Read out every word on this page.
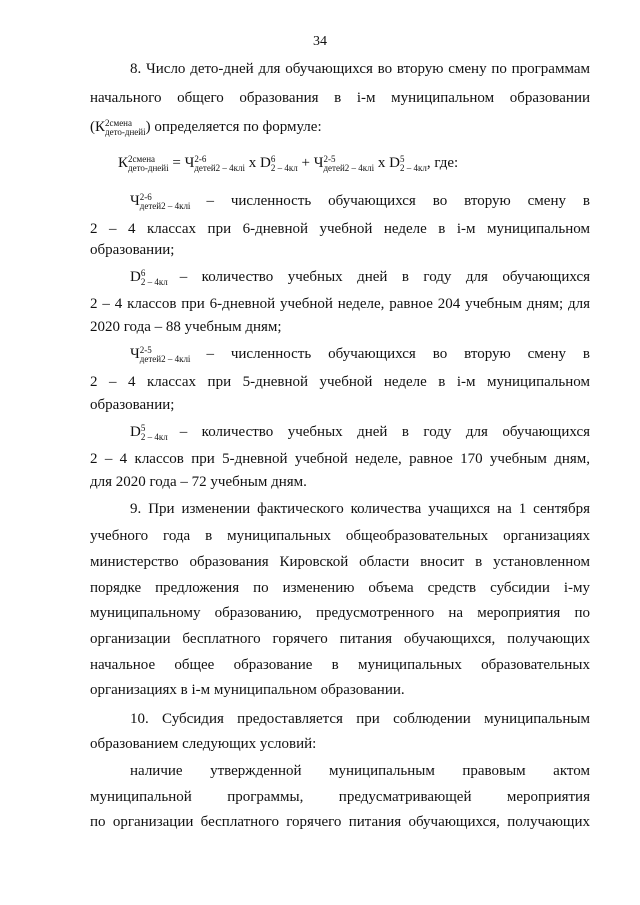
34
8. Число дето-дней для обучающихся во вторую смену по программам
начального общего образования в i-м муниципальном образовании
(К 2смена
дето-днейi ) определяется по формуле:
К 2смена
дето-днейi = Ч 2-6
детей2 – 4клi x D 6
2 – 4кл + Ч 2-5
детей2 – 4клi x D 5
2 – 4кл , где:
Ч 2-6
детей2 – 4клi – численность обучающихся во вторую смену в
2 – 4 классах при 6-дневной учебной неделе в i-м муниципальном
образовании;
D 6
2 – 4кл – количество учебных дней в году для обучающихся
2 – 4 классов при 6-дневной учебной неделе, равное 204 учебным дням; для
2020 года – 88 учебным дням;
Ч 2-5
детей2 – 4клi – численность обучающихся во вторую смену в
2 – 4 классах при 5-дневной учебной неделе в i-м муниципальном
образовании;
D 5
2 – 4кл – количество учебных дней в году для обучающихся
2 – 4 классов при 5-дневной учебной неделе, равное 170 учебным дням,
для 2020 года – 72 учебным дням.
9. При изменении фактического количества учащихся на 1 сентября
учебного года в муниципальных общеобразовательных организациях
министерство образования Кировской области вносит в установленном
порядке предложения по изменению объема средств субсидии i-му
муниципальному образованию, предусмотренного на мероприятия по
организации бесплатного горячего питания обучающихся, получающих
начальное общее образование в муниципальных образовательных
организациях в i-м муниципальном образовании.
10. Субсидия предоставляется при соблюдении муниципальным
образованием следующих условий:
наличие утвержденной муниципальным правовым актом
муниципальной программы, предусматривающей мероприятия
по организации бесплатного горячего питания обучающихся, получающих
